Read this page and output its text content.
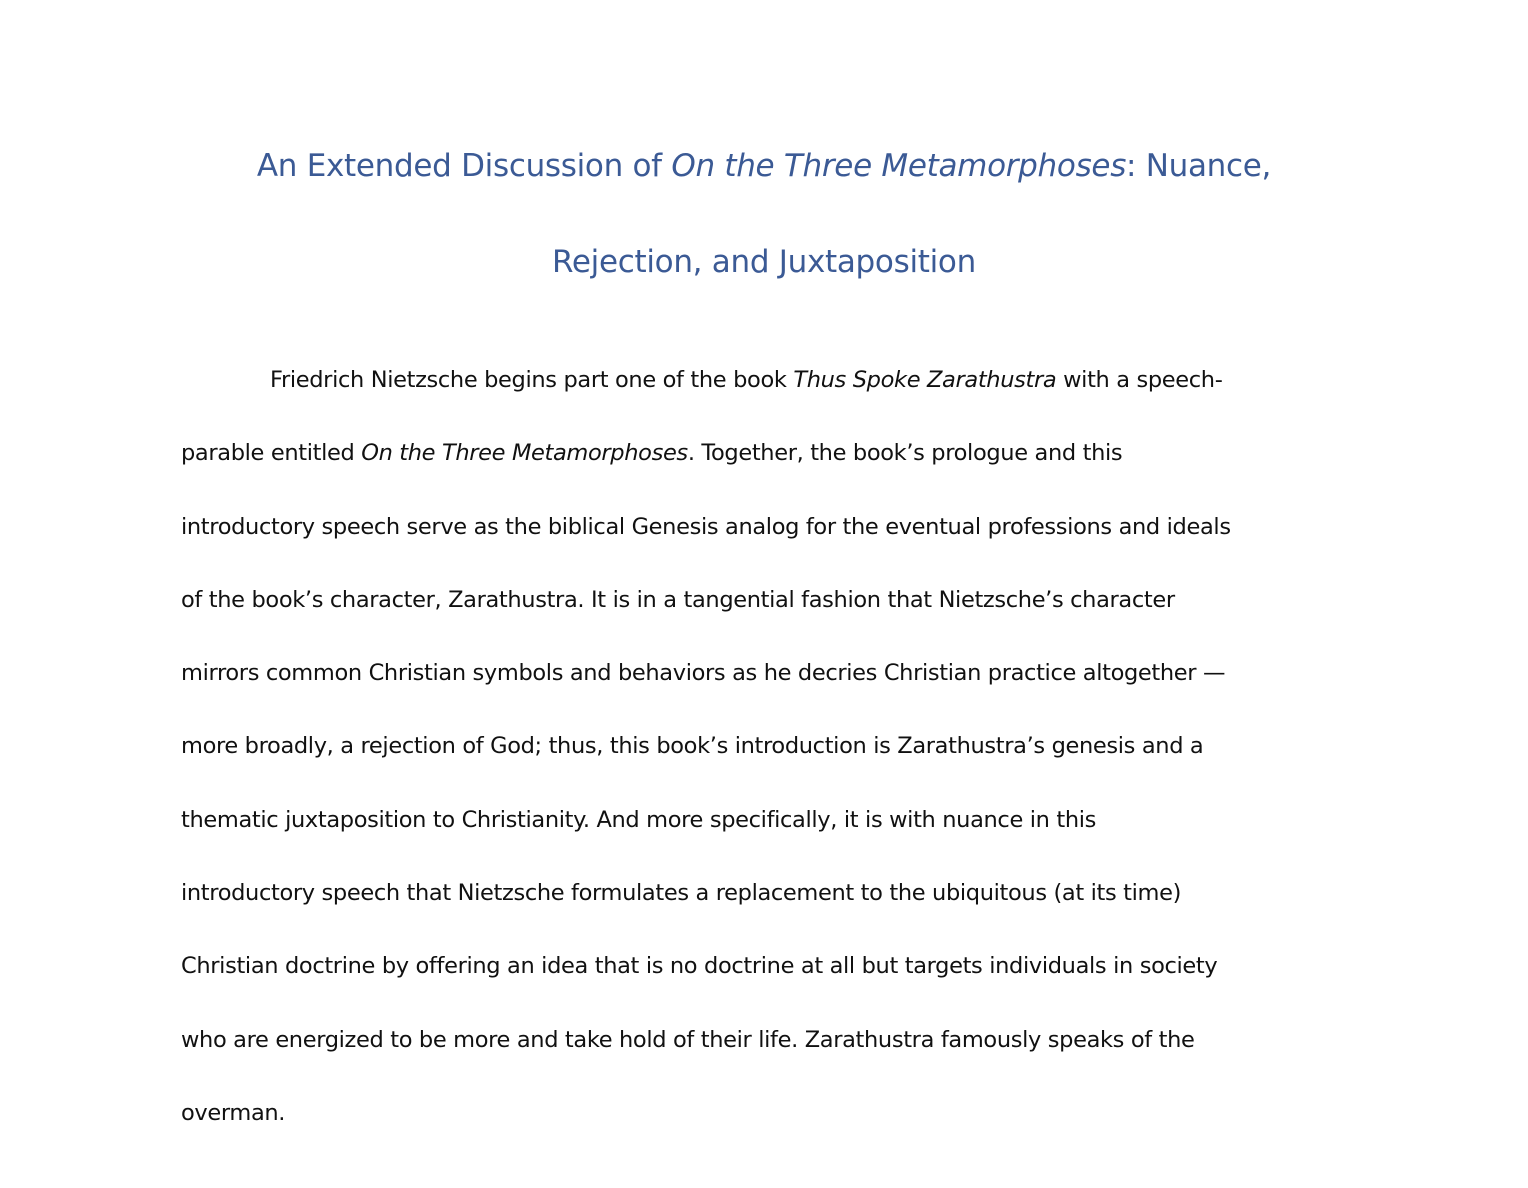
An Extended Discussion of On the Three Metamorphoses: Nuance,
Rejection, and Juxtaposition
Friedrich Nietzsche begins part one of the book Thus Spoke Zarathustra with a speech-
parable entitled On the Three Metamorphoses. Together, the book’s prologue and this
introductory speech serve as the biblical Genesis analog for the eventual professions and ideals
of the book’s character, Zarathustra. It is in a tangential fashion that Nietzsche’s character
mirrors common Christian symbols and behaviors as he decries Christian practice altogether —
more broadly, a rejection of God; thus, this book’s introduction is Zarathustra’s genesis and a
thematic juxtaposition to Christianity. And more specifically, it is with nuance in this
introductory speech that Nietzsche formulates a replacement to the ubiquitous (at its time)
Christian doctrine by offering an idea that is no doctrine at all but targets individuals in society
who are energized to be more and take hold of their life. Zarathustra famously speaks of the
overman.
